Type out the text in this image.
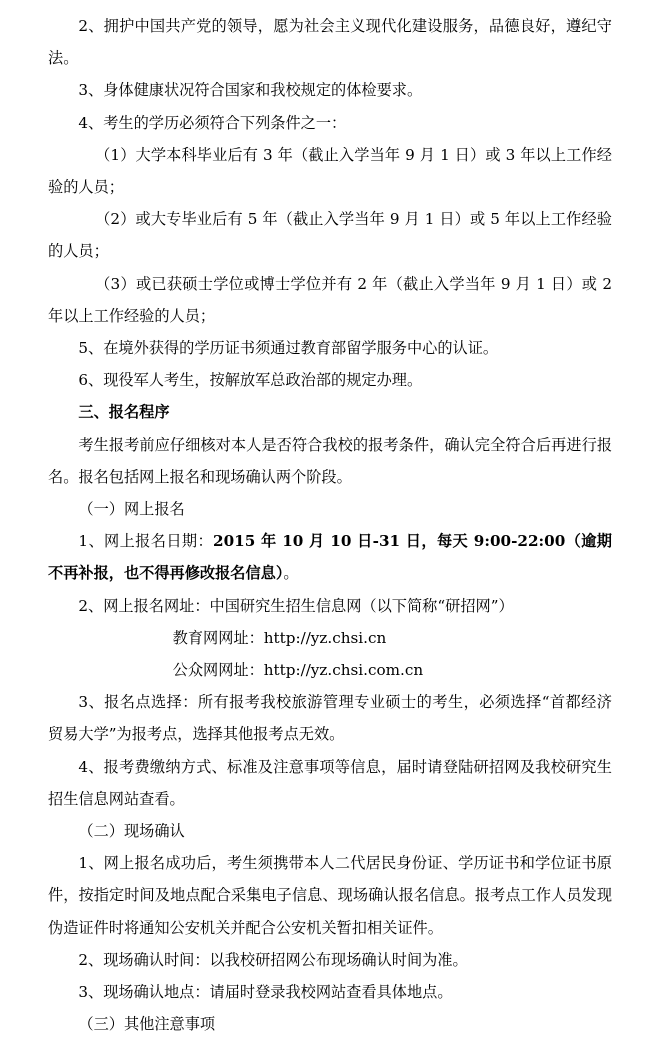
2、拥护中国共产党的领导，愿为社会主义现代化建设服务，品德良好，遵纪守法。

3、身体健康状况符合国家和我校规定的体检要求。

4、考生的学历必须符合下列条件之一：

（1）大学本科毕业后有 3 年（截止入学当年 9 月 1 日）或 3 年以上工作经验的人员；

（2）或大专毕业后有 5 年（截止入学当年 9 月 1 日）或 5 年以上工作经验的人员；

（3）或已获硕士学位或博士学位并有 2 年（截止入学当年 9 月 1 日）或 2 年以上工作经验的人员；

5、在境外获得的学历证书须通过教育部留学服务中心的认证。

6、现役军人考生，按解放军总政治部的规定办理。

三、报名程序

考生报考前应仔细核对本人是否符合我校的报考条件，确认完全符合后再进行报名。报名包括网上报名和现场确认两个阶段。

（一）网上报名

1、网上报名日期：2015 年 10 月 10 日-31 日，每天 9:00-22:00（逾期不再补报，也不得再修改报名信息）。

2、网上报名网址：中国研究生招生信息网（以下简称“研招网”）

教育网网址：http://yz.chsi.cn

公众网网址：http://yz.chsi.com.cn

3、报名点选择：所有报考我校旅游管理专业硕士的考生，必须选择“首都经济贸易大学”为报考点，选择其他报考点无效。

4、报考费缴纳方式、标准及注意事项等信息，届时请登陆研招网及我校研究生招生信息网站查看。

（二）现场确认

1、网上报名成功后，考生须携带本人二代居民身份证、学历证书和学位证书原件，按指定时间及地点配合采集电子信息、现场确认报名信息。报考点工作人员发现伪造证件时将通知公安机关并配合公安机关暂扣相关证件。

2、现场确认时间：以我校研招网公布现场确认时间为准。

3、现场确认地点：请届时登录我校网站查看具体地点。

（三）其他注意事项
